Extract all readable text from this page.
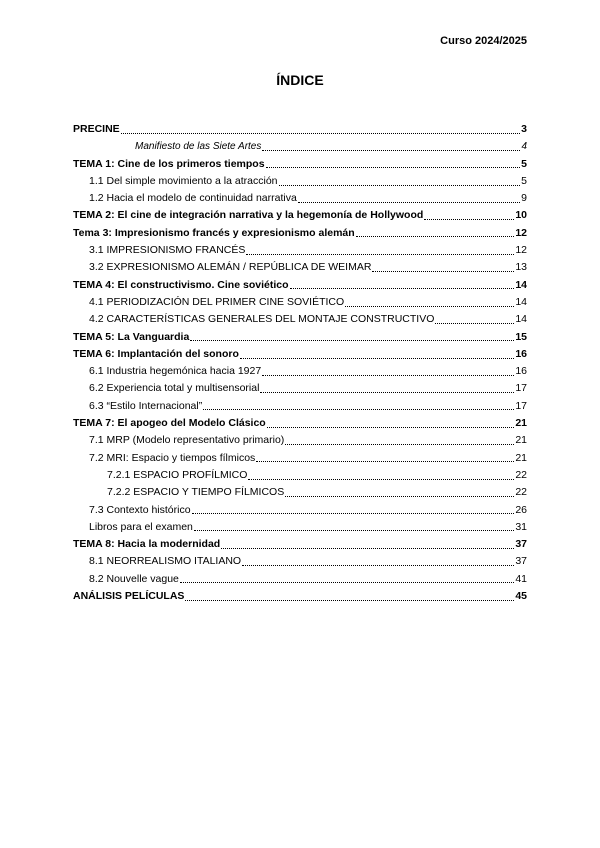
Curso 2024/2025
ÍNDICE
PRECINE	3
Manifiesto de las Siete Artes	4
TEMA 1: Cine de los primeros tiempos	5
1.1 Del simple movimiento a la atracción	5
1.2 Hacia el modelo de continuidad narrativa	9
TEMA 2: El cine de integración narrativa y la hegemonía de Hollywood	10
Tema 3: Impresionismo francés y expresionismo alemán	12
3.1 IMPRESIONISMO FRANCÉS	12
3.2 EXPRESIONISMO ALEMÁN / REPÚBLICA DE WEIMAR	13
TEMA 4: El constructivismo. Cine soviético	14
4.1 PERIODIZACIÓN DEL PRIMER CINE SOVIÉTICO	14
4.2 CARACTERÍSTICAS GENERALES DEL MONTAJE CONSTRUCTIVO	14
TEMA 5: La Vanguardia	15
TEMA 6: Implantación del sonoro	16
6.1 Industria hegemónica hacia 1927	16
6.2 Experiencia total y multisensorial	17
6.3 “Estilo Internacional”	17
TEMA 7: El apogeo del Modelo Clásico	21
7.1 MRP (Modelo representativo primario)	21
7.2 MRI: Espacio y tiempos fílmicos	21
7.2.1 ESPACIO PROFÍLMICO	22
7.2.2 ESPACIO Y TIEMPO FÍLMICOS	22
7.3 Contexto histórico	26
Libros para el examen	31
TEMA 8: Hacia la modernidad	37
8.1 NEORREALISMO ITALIANO	37
8.2 Nouvelle vague	41
ANÁLISIS PELÍCULAS	45
